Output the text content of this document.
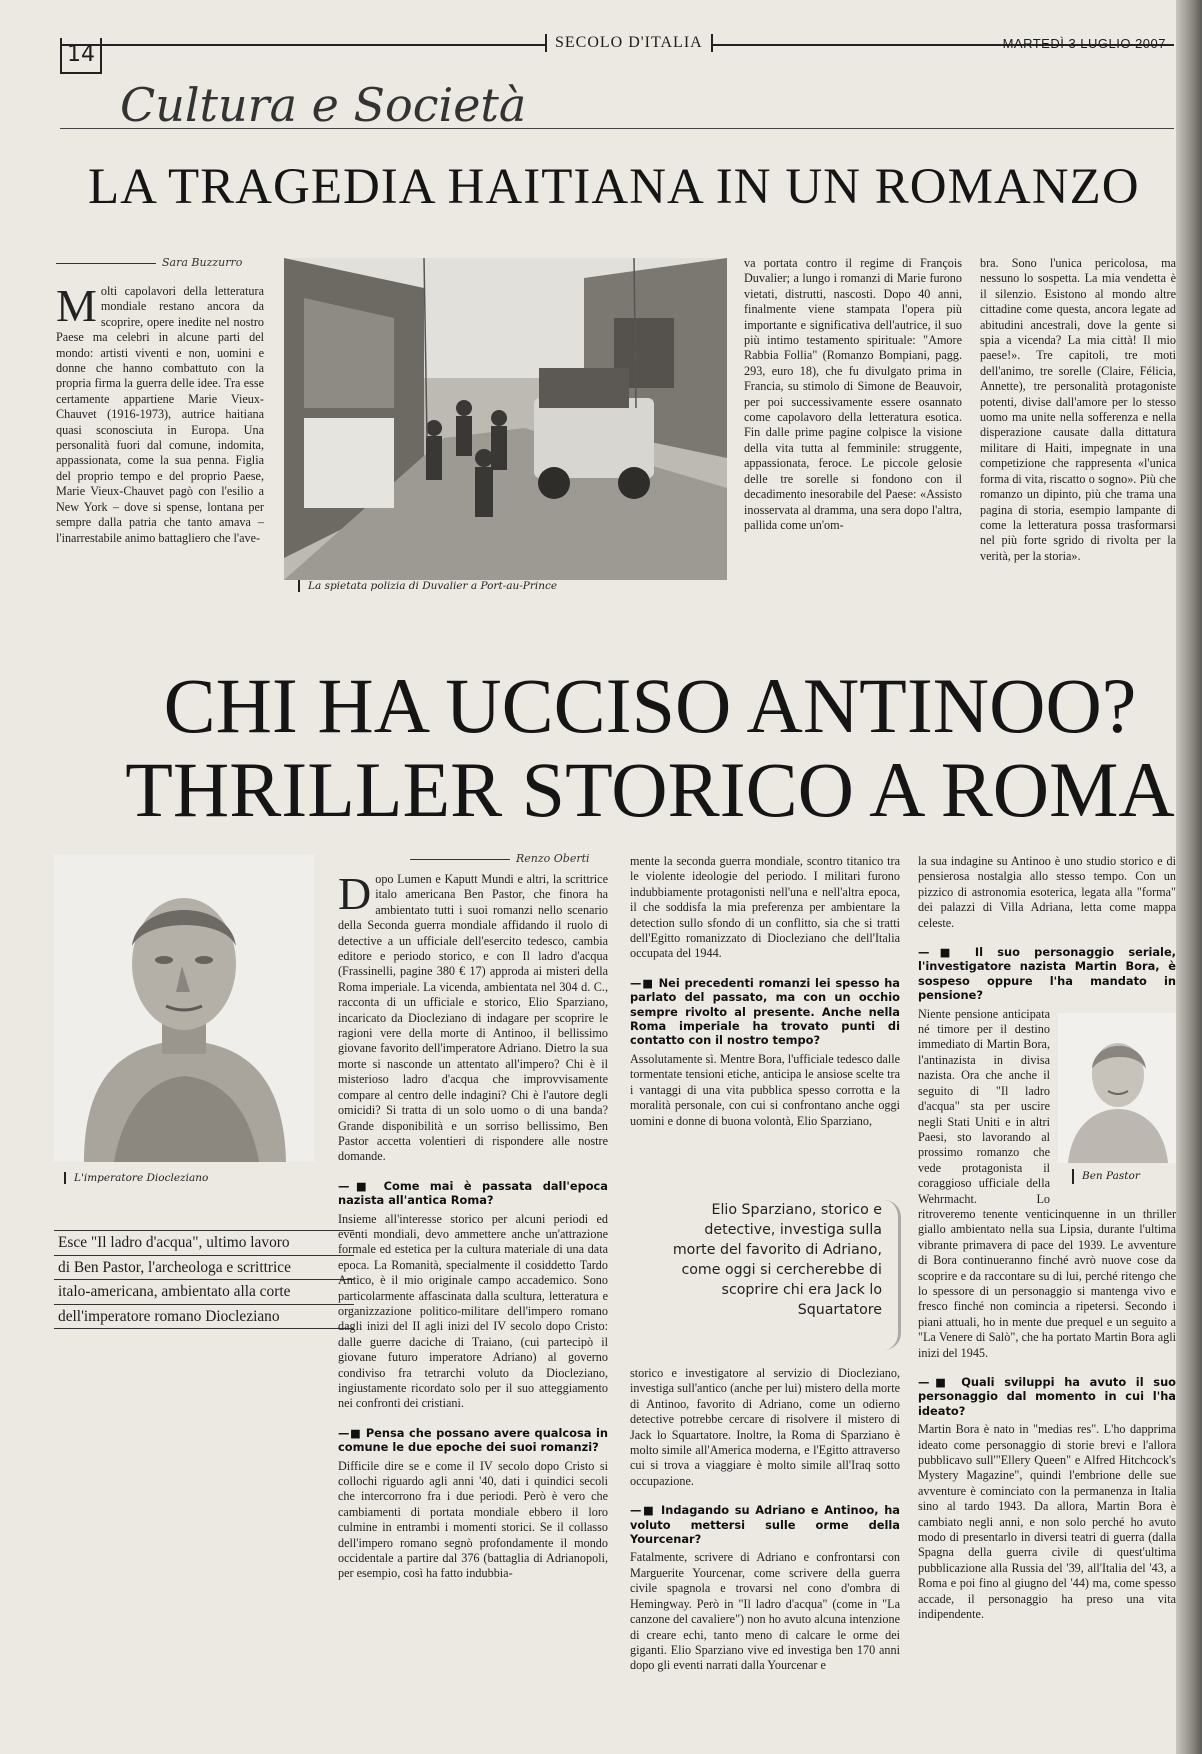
14	SECOLO D'ITALIA	MARTEDÌ 3 LUGLIO 2007
Cultura e Società
LA TRAGEDIA HAITIANA IN UN ROMANZO
Sara Buzzurro
Molti capolavori della letteratura mondiale restano ancora da scoprire, opere inedite nel nostro Paese ma celebri in alcune parti del mondo: artisti viventi e non, uomini e donne che hanno combattuto con la propria firma la guerra delle idee. Tra esse certamente appartiene Marie Vieux-Chauvet (1916-1973), autrice haitiana quasi sconosciuta in Europa. Una personalità fuori dal comune, indomita, appassionata, come la sua penna. Figlia del proprio tempo e del proprio Paese, Marie Vieux-Chauvet pagò con l'esilio a New York – dove si spense, lontana per sempre dalla patria che tanto amava – l'inarrestabile animo battagliero che l'ave-
La spietata polizia di Duvalier a Port-au-Prince
va portata contro il regime di François Duvalier; a lungo i romanzi di Marie furono vietati, distrutti, nascosti. Dopo 40 anni, finalmente viene stampata l'opera più importante e significativa dell'autrice, il suo più intimo testamento spirituale: "Amore Rabbia Follia" (Romanzo Bompiani, pagg. 293, euro 18), che fu divulgato prima in Francia, su stimolo di Simone de Beauvoir, per poi successivamente essere osannato come capolavoro della letteratura esotica. Fin dalle prime pagine colpisce la visione della vita tutta al femminile: struggente, appassionata, feroce. Le piccole gelosie delle tre sorelle si fondono con il decadimento inesorabile del Paese: «Assisto inosservata al dramma, una sera dopo l'altra, pallida come un'om-
bra. Sono l'unica pericolosa, ma nessuno lo sospetta. La mia vendetta è il silenzio. Esistono al mondo altre cittadine come questa, ancora legate ad abitudini ancestrali, dove la gente si spia a vicenda? La mia città! Il mio paese!». Tre capitoli, tre moti dell'animo, tre sorelle (Claire, Félicia, Annette), tre personalità protagoniste potenti, divise dall'amore per lo stesso uomo ma unite nella sofferenza e nella disperazione causate dalla dittatura militare di Haiti, impegnate in una competizione che rappresenta «l'unica forma di vita, riscatto o sogno». Più che romanzo un dipinto, più che trama una pagina di storia, esempio lampante di come la letteratura possa trasformarsi nel più forte sgrido di rivolta per la verità, per la storia».
CHI HA UCCISO ANTINOO?
THRILLER STORICO A ROMA
L'imperatore Diocleziano
Esce "Il ladro d'acqua", ultimo lavoro
di Ben Pastor, l'archeologa e scrittrice
italo-americana, ambientato alla corte
dell'imperatore romano Diocleziano
Renzo Oberti
Dopo Lumen e Kaputt Mundi e altri, la scrittrice italo americana Ben Pastor, che finora ha ambientato tutti i suoi romanzi nello scenario della Seconda guerra mondiale affidando il ruolo di detective a un ufficiale dell'esercito tedesco, cambia editore e periodo storico, e con Il ladro d'acqua (Frassinelli, pagine 380 € 17) approda ai misteri della Roma imperiale. La vicenda, ambientata nel 304 d. C., racconta di un ufficiale e storico, Elio Sparziano, incaricato da Diocleziano di indagare per scoprire le ragioni vere della morte di Antinoo, il bellissimo giovane favorito dell'imperatore Adriano. Dietro la sua morte si nasconde un attentato all'impero? Chi è il misterioso ladro d'acqua che improvvisamente compare al centro delle indagini? Chi è l'autore degli omicidi? Si tratta di un solo uomo o di una banda? Grande disponibilità e un sorriso bellissimo, Ben Pastor accetta volentieri di rispondere alle nostre domande.
—■ Come mai è passata dall'epoca nazista all'antica Roma?
Insieme all'interesse storico per alcuni periodi ed eventi mondiali, devo ammettere anche un'attrazione formale ed estetica per la cultura materiale di una data epoca. La Romanità, specialmente il cosiddetto Tardo Antico, è il mio originale campo accademico. Sono particolarmente affascinata dalla scultura, letteratura e organizzazione politico-militare dell'impero romano dagli inizi del II agli inizi del IV secolo dopo Cristo: dalle guerre daciche di Traiano, (cui partecipò il giovane futuro imperatore Adriano) al governo condiviso fra tetrarchi voluto da Diocleziano, ingiustamente ricordato solo per il suo atteggiamento nei confronti dei cristiani.
—■ Pensa che possano avere qualcosa in comune le due epoche dei suoi romanzi?
Difficile dire se e come il IV secolo dopo Cristo si collochi riguardo agli anni '40, dati i quindici secoli che intercorrono fra i due periodi. Però è vero che cambiamenti di portata mondiale ebbero il loro culmine in entrambi i momenti storici. Se il collasso dell'impero romano segnò profondamente il mondo occidentale a partire dal 376 (battaglia di Adrianopoli, per esempio, così ha fatto indubbia-
mente la seconda guerra mondiale, scontro titanico tra le violente ideologie del periodo. I militari furono indubbiamente protagonisti nell'una e nell'altra epoca, il che soddisfa la mia preferenza per ambientare la detection sullo sfondo di un conflitto, sia che si tratti dell'Egitto romanizzato di Diocleziano che dell'Italia occupata del 1944.
—■ Nei precedenti romanzi lei spesso ha parlato del passato, ma con un occhio sempre rivolto al presente. Anche nella Roma imperiale ha trovato punti di contatto con il nostro tempo?
Assolutamente sì. Mentre Bora, l'ufficiale tedesco dalle tormentate tensioni etiche, anticipa le ansiose scelte tra i vantaggi di una vita pubblica spesso corrotta e la moralità personale, con cui si confrontano anche oggi uomini e donne di buona volontà, Elio Sparziano,
Elio Sparziano, storico e detective, investiga sulla morte del favorito di Adriano, come oggi si cercherebbe di scoprire chi era Jack lo Squartatore
storico e investigatore al servizio di Diocleziano, investiga sull'antico (anche per lui) mistero della morte di Antinoo, favorito di Adriano, come un odierno detective potrebbe cercare di risolvere il mistero di Jack lo Squartatore. Inoltre, la Roma di Sparziano è molto simile all'America moderna, e l'Egitto attraverso cui si trova a viaggiare è molto simile all'Iraq sotto occupazione.
—■ Indagando su Adriano e Antinoo, ha voluto mettersi sulle orme della Yourcenar?
Fatalmente, scrivere di Adriano e confrontarsi con Marguerite Yourcenar, come scrivere della guerra civile spagnola e trovarsi nel cono d'ombra di Hemingway. Però in "Il ladro d'acqua" (come in "La canzone del cavaliere") non ho avuto alcuna intenzione di creare echi, tanto meno di calcare le orme dei giganti. Elio Sparziano vive ed investiga ben 170 anni dopo gli eventi narrati dalla Yourcenar e
la sua indagine su Antinoo è uno studio storico e di pensierosa nostalgia allo stesso tempo. Con un pizzico di astronomia esoterica, legata alla "forma" dei palazzi di Villa Adriana, letta come mappa celeste.
—■ Il suo personaggio seriale, l'investigatore nazista Martin Bora, è sospeso oppure l'ha mandato in pensione?
Ben Pastor
Niente pensione anticipata né timore per il destino immediato di Martin Bora, l'antinazista in divisa nazista. Ora che anche il seguito di "Il ladro d'acqua" sta per uscire negli Stati Uniti e in altri Paesi, sto lavorando al prossimo romanzo che vede protagonista il coraggioso ufficiale della Wehrmacht. Lo ritroveremo tenente venticinquenne in un thriller giallo ambientato nella sua Lipsia, durante l'ultima vibrante primavera di pace del 1939. Le avventure di Bora continueranno finché avrò nuove cose da scoprire e da raccontare su di lui, perché ritengo che lo spessore di un personaggio si mantenga vivo e fresco finché non comincia a ripetersi. Secondo i piani attuali, ho in mente due prequel e un seguito a "La Venere di Salò", che ha portato Martin Bora agli inizi del 1945.
—■ Quali sviluppi ha avuto il suo personaggio dal momento in cui l'ha ideato?
Martin Bora è nato in "medias res". L'ho dapprima ideato come personaggio di storie brevi e l'allora pubblicavo sull'"Ellery Queen" e Alfred Hitchcock's Mystery Magazine", quindi l'embrione delle sue avventure è cominciato con la permanenza in Italia sino al tardo 1943. Da allora, Martin Bora è cambiato negli anni, e non solo perché ho avuto modo di presentarlo in diversi teatri di guerra (dalla Spagna della guerra civile di quest'ultima pubblicazione alla Russia del '39, all'Italia del '43, a Roma e poi fino al giugno del '44) ma, come spesso accade, il personaggio ha preso una vita indipendente.
